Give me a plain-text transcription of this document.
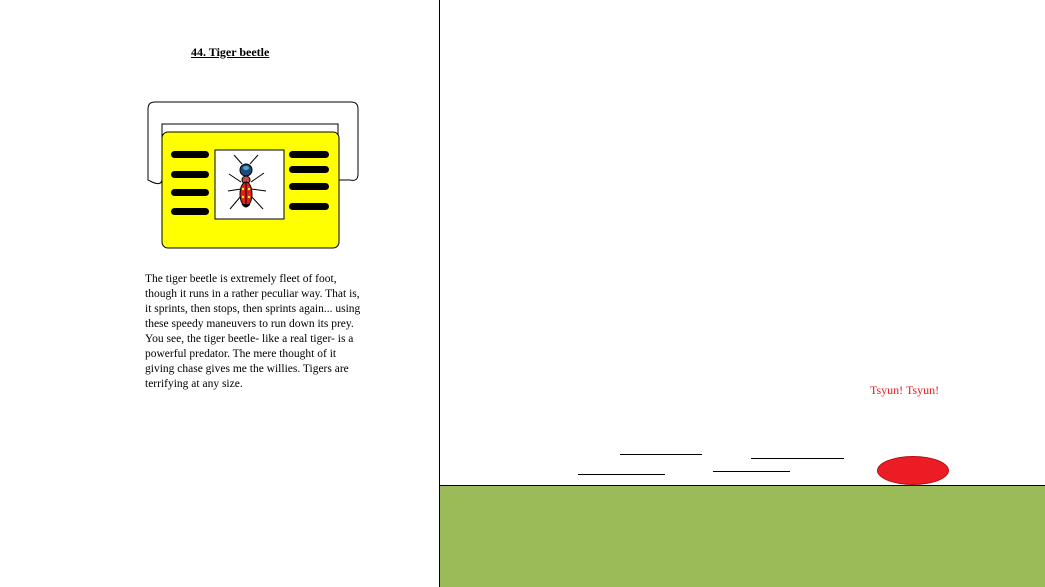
44. Tiger beetle

The tiger beetle is extremely fleet of foot, though it runs in a rather peculiar way. That is, it sprints, then stops, then sprints again... using these speedy maneuvers to run down its prey. You see, the tiger beetle- like a real tiger- is a powerful predator. The mere thought of it giving chase gives me the willies. Tigers are terrifying at any size.	Tsyun! Tsyun!
